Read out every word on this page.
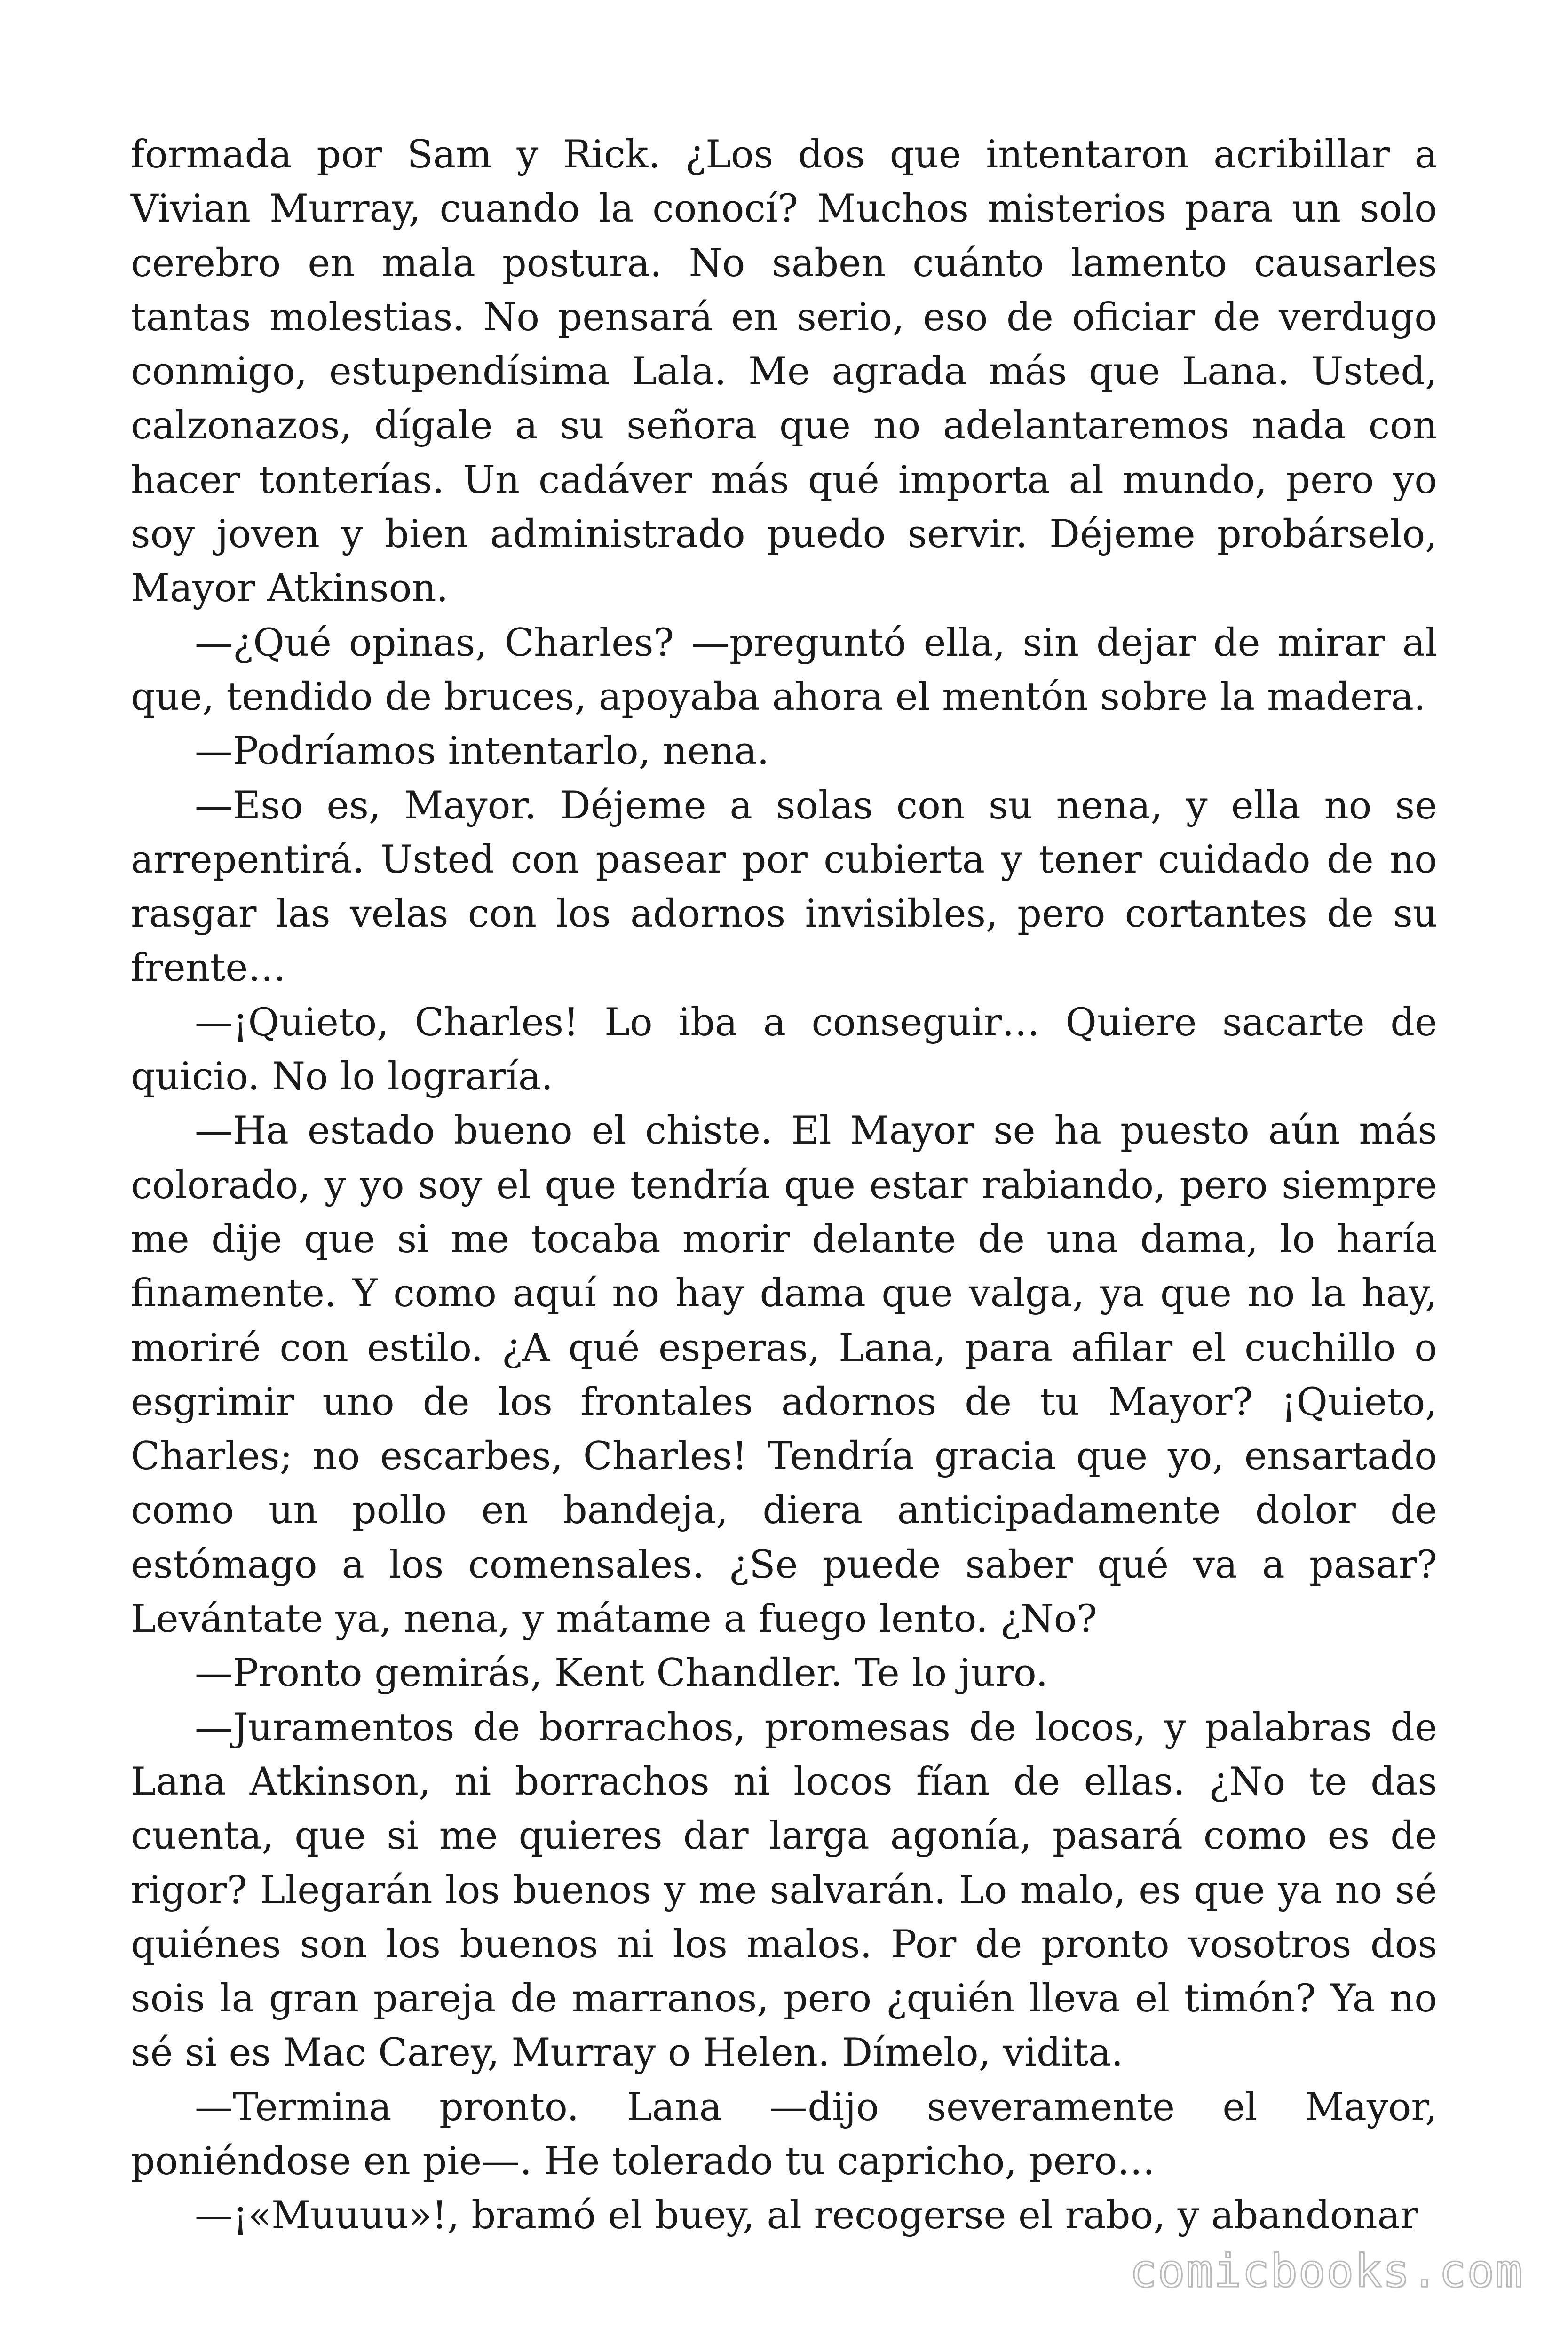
formada por Sam y Rick. ¿Los dos que intentaron acribillar a Vivian Murray, cuando la conocí? Muchos misterios para un solo cerebro en mala postura. No saben cuánto lamento causarles tantas molestias. No pensará en serio, eso de oficiar de verdugo conmigo, estupendísima Lala. Me agrada más que Lana. Usted, calzonazos, dígale a su señora que no adelantaremos nada con hacer tonterías. Un cadáver más qué importa al mundo, pero yo soy joven y bien administrado puedo servir. Déjeme probárselo, Mayor Atkinson.

—¿Qué opinas, Charles? —preguntó ella, sin dejar de mirar al que, tendido de bruces, apoyaba ahora el mentón sobre la madera.

—Podríamos intentarlo, nena.

—Eso es, Mayor. Déjeme a solas con su nena, y ella no se arrepentirá. Usted con pasear por cubierta y tener cuidado de no rasgar las velas con los adornos invisibles, pero cortantes de su frente…

—¡Quieto, Charles! Lo iba a conseguir… Quiere sacarte de quicio. No lo lograría.

—Ha estado bueno el chiste. El Mayor se ha puesto aún más colorado, y yo soy el que tendría que estar rabiando, pero siempre me dije que si me tocaba morir delante de una dama, lo haría finamente. Y como aquí no hay dama que valga, ya que no la hay, moriré con estilo. ¿A qué esperas, Lana, para afilar el cuchillo o esgrimir uno de los frontales adornos de tu Mayor? ¡Quieto, Charles; no escarbes, Charles! Tendría gracia que yo, ensartado como un pollo en bandeja, diera anticipadamente dolor de estómago a los comensales. ¿Se puede saber qué va a pasar? Levántate ya, nena, y mátame a fuego lento. ¿No?

—Pronto gemirás, Kent Chandler. Te lo juro.

—Juramentos de borrachos, promesas de locos, y palabras de Lana Atkinson, ni borrachos ni locos fían de ellas. ¿No te das cuenta, que si me quieres dar larga agonía, pasará como es de rigor? Llegarán los buenos y me salvarán. Lo malo, es que ya no sé quiénes son los buenos ni los malos. Por de pronto vosotros dos sois la gran pareja de marranos, pero ¿quién lleva el timón? Ya no sé si es Mac Carey, Murray o Helen. Dímelo, vidita.

—Termina pronto. Lana —dijo severamente el Mayor, poniéndose en pie—. He tolerado tu capricho, pero…

—¡«Muuuu»!, bramó el buey, al recogerse el rabo, y abandonar

comicbooks.com
